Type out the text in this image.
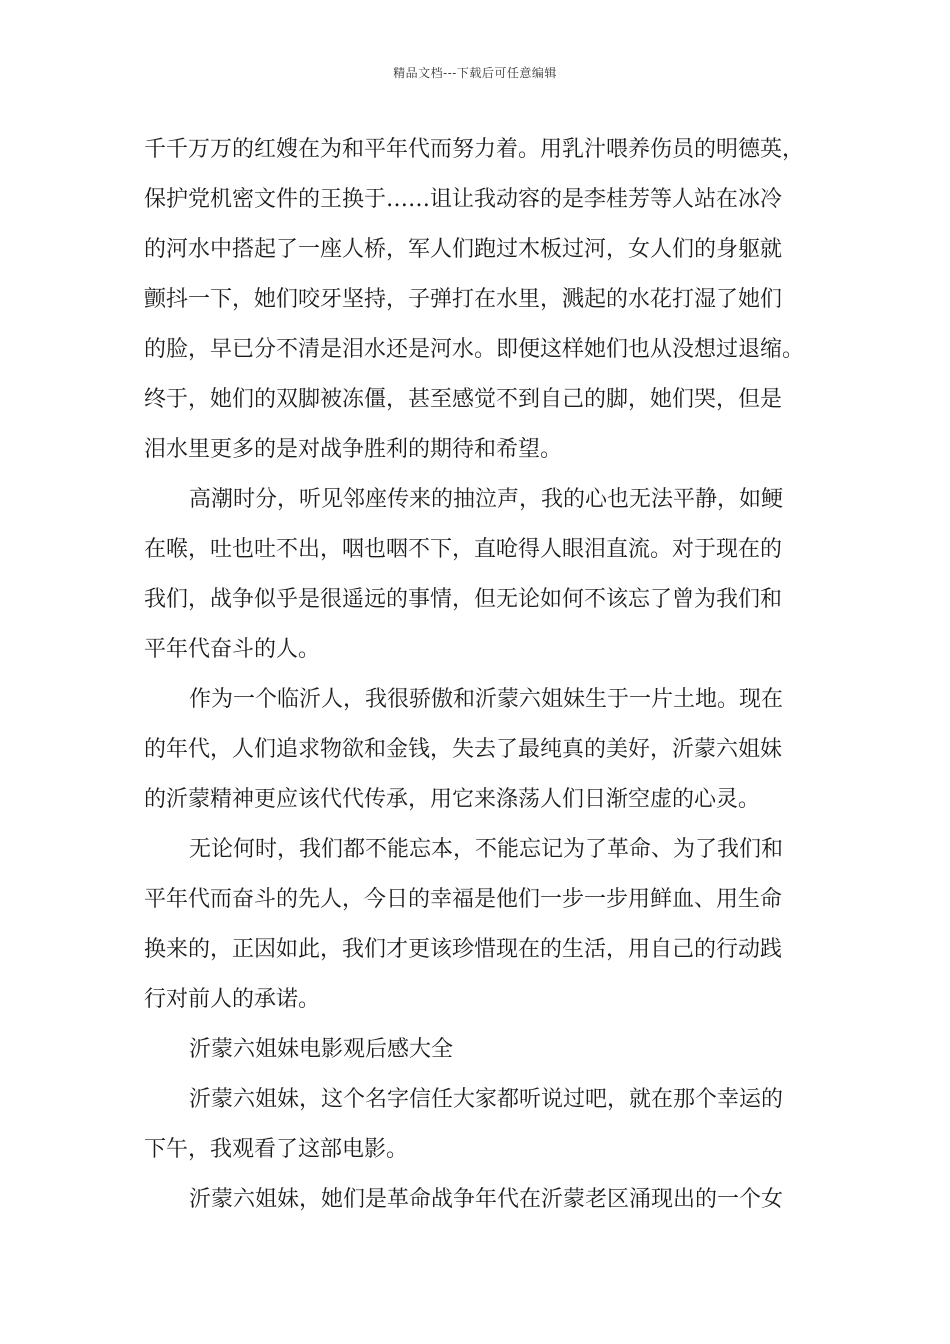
精品文档---下载后可任意编辑
千千万万的红嫂在为和平年代而努力着。用乳汁喂养伤员的明德英，
保护党机密文件的王换于……诅让我动容的是李桂芳等人站在冰冷
的河水中搭起了一座人桥，军人们跑过木板过河，女人们的身躯就
颤抖一下，她们咬牙坚持，子弹打在水里，溅起的水花打湿了她们
的脸，早已分不清是泪水还是河水。即便这样她们也从没想过退缩。
终于，她们的双脚被冻僵，甚至感觉不到自己的脚，她们哭，但是
泪水里更多的是对战争胜利的期待和希望。
高潮时分，听见邻座传来的抽泣声，我的心也无法平静，如鲠
在喉，吐也吐不出，咽也咽不下，直呛得人眼泪直流。对于现在的
我们，战争似乎是很遥远的事情，但无论如何不该忘了曾为我们和
平年代奋斗的人。
作为一个临沂人，我很骄傲和沂蒙六姐妹生于一片土地。现在
的年代，人们追求物欲和金钱，失去了最纯真的美好，沂蒙六姐妹
的沂蒙精神更应该代代传承，用它来涤荡人们日渐空虚的心灵。
无论何时，我们都不能忘本，不能忘记为了革命、为了我们和
平年代而奋斗的先人，今日的幸福是他们一步一步用鲜血、用生命
换来的，正因如此，我们才更该珍惜现在的生活，用自己的行动践
行对前人的承诺。
沂蒙六姐妹电影观后感大全
沂蒙六姐妹，这个名字信任大家都听说过吧，就在那个幸运的
下午，我观看了这部电影。
沂蒙六姐妹，她们是革命战争年代在沂蒙老区涌现出的一个女
